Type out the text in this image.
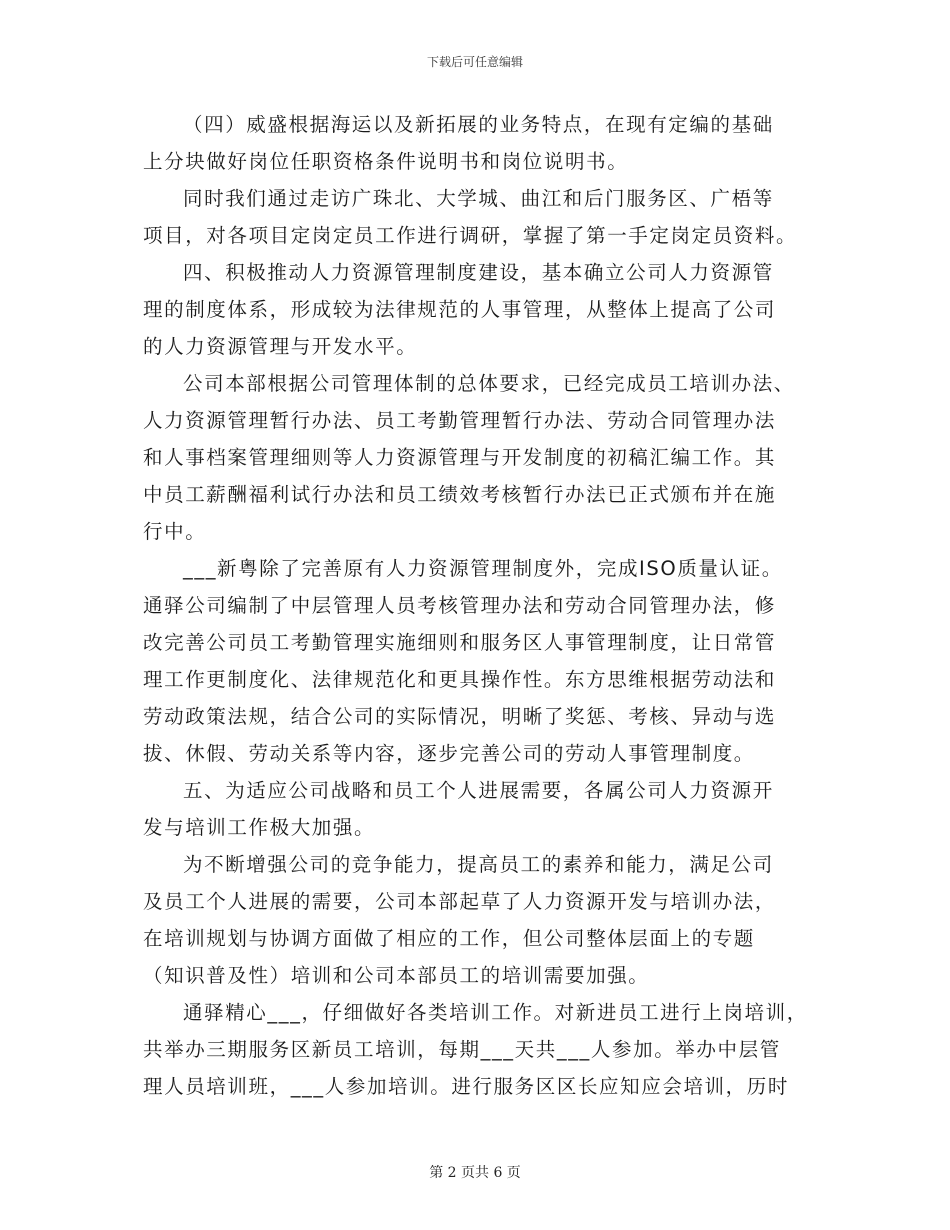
下载后可任意编辑
（四）威盛根据海运以及新拓展的业务特点，在现有定编的基础
上分块做好岗位任职资格条件说明书和岗位说明书。
同时我们通过走访广珠北、大学城、曲江和后门服务区、广梧等
项目，对各项目定岗定员工作进行调研，掌握了第一手定岗定员资料。
四、积极推动人力资源管理制度建设，基本确立公司人力资源管
理的制度体系，形成较为法律规范的人事管理，从整体上提高了公司
的人力资源管理与开发水平。
公司本部根据公司管理体制的总体要求，已经完成员工培训办法、
人力资源管理暂行办法、员工考勤管理暂行办法、劳动合同管理办法
和人事档案管理细则等人力资源管理与开发制度的初稿汇编工作。其
中员工薪酬福利试行办法和员工绩效考核暂行办法已正式颁布并在施
行中。
___新粤除了完善原有人力资源管理制度外，完成ISO质量认证。
通驿公司编制了中层管理人员考核管理办法和劳动合同管理办法，修
改完善公司员工考勤管理实施细则和服务区人事管理制度，让日常管
理工作更制度化、法律规范化和更具操作性。东方思维根据劳动法和
劳动政策法规，结合公司的实际情况，明晰了奖惩、考核、异动与选
拔、休假、劳动关系等内容，逐步完善公司的劳动人事管理制度。
五、为适应公司战略和员工个人进展需要，各属公司人力资源开
发与培训工作极大加强。
为不断增强公司的竞争能力，提高员工的素养和能力，满足公司
及员工个人进展的需要，公司本部起草了人力资源开发与培训办法，
在培训规划与协调方面做了相应的工作，但公司整体层面上的专题
（知识普及性）培训和公司本部员工的培训需要加强。
通驿精心___，仔细做好各类培训工作。对新进员工进行上岗培训，
共举办三期服务区新员工培训，每期___天共___人参加。举办中层管
理人员培训班，___人参加培训。进行服务区区长应知应会培训，历时
第 2 页共 6 页
